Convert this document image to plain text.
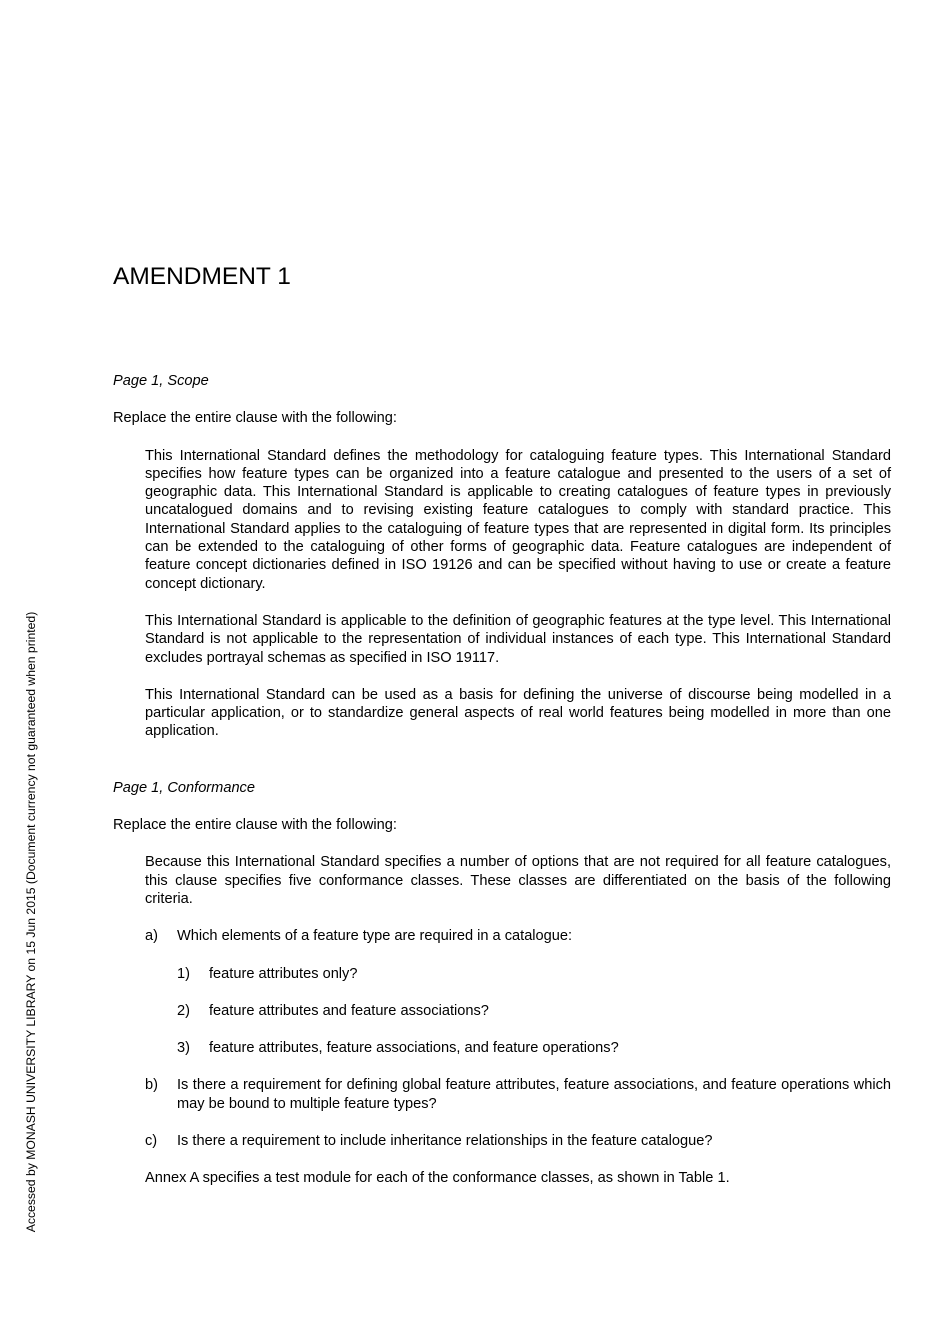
Accessed by MONASH UNIVERSITY LIBRARY on 15 Jun 2015 (Document currency not guaranteed when printed)
AMENDMENT 1

Page 1, Scope

Replace the entire clause with the following:

This International Standard defines the methodology for cataloguing feature types. This International Standard specifies how feature types can be organized into a feature catalogue and presented to the users of a set of geographic data. This International Standard is applicable to creating catalogues of feature types in previously uncatalogued domains and to revising existing feature catalogues to comply with standard practice. This International Standard applies to the cataloguing of feature types that are represented in digital form. Its principles can be extended to the cataloguing of other forms of geographic data. Feature catalogues are independent of feature concept dictionaries defined in ISO 19126 and can be specified without having to use or create a feature concept dictionary.

This International Standard is applicable to the definition of geographic features at the type level. This International Standard is not applicable to the representation of individual instances of each type. This International Standard excludes portrayal schemas as specified in ISO 19117.

This International Standard can be used as a basis for defining the universe of discourse being modelled in a particular application, or to standardize general aspects of real world features being modelled in more than one application.

Page 1, Conformance

Replace the entire clause with the following:

Because this International Standard specifies a number of options that are not required for all feature catalogues, this clause specifies five conformance classes. These classes are differentiated on the basis of the following criteria.

a)	Which elements of a feature type are required in a catalogue:
1)	feature attributes only?
2)	feature attributes and feature associations?
3)	feature attributes, feature associations, and feature operations?
b)	Is there a requirement for defining global feature attributes, feature associations, and feature operations which may be bound to multiple feature types?
c)	Is there a requirement to include inheritance relationships in the feature catalogue?

Annex A specifies a test module for each of the conformance classes, as shown in Table 1.
